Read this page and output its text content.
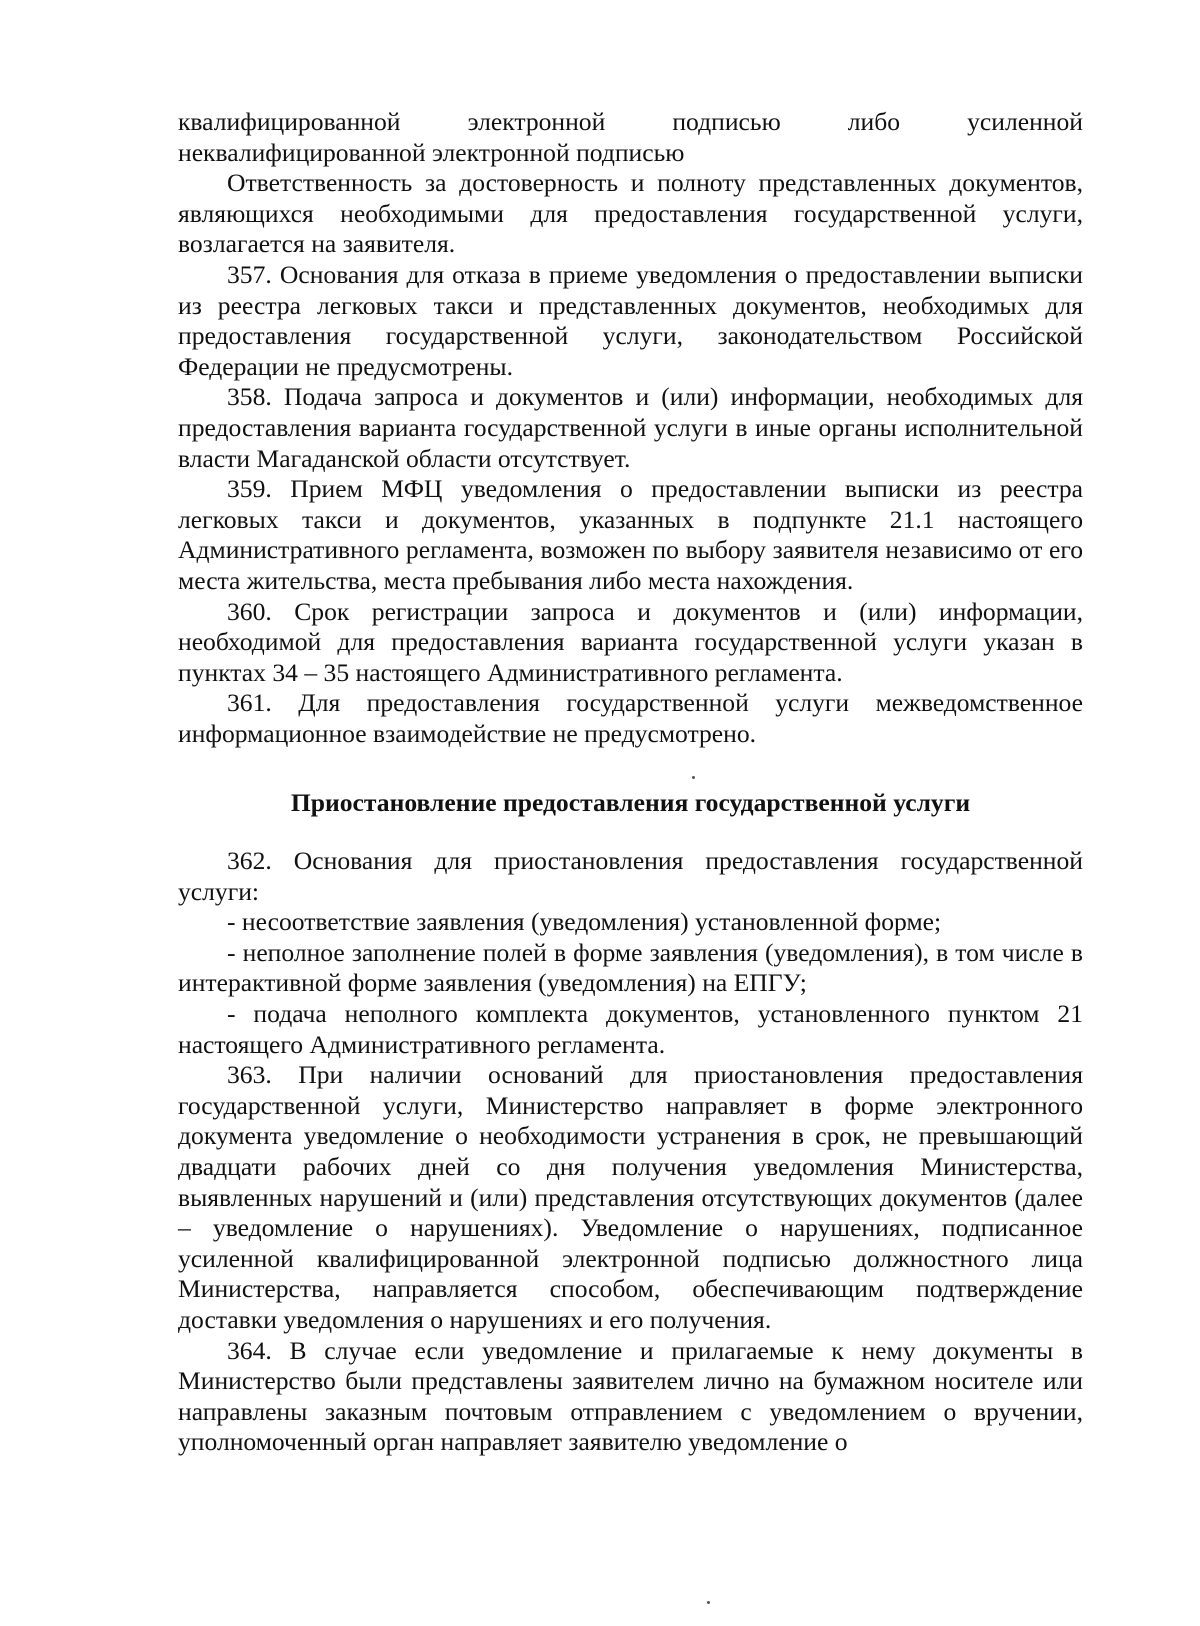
квалифицированной электронной подписью либо усиленной неквалифицированной электронной подписью

Ответственность за достоверность и полноту представленных документов, являющихся необходимыми для предоставления государственной услуги, возлагается на заявителя.

357. Основания для отказа в приеме уведомления о предоставлении выписки из реестра легковых такси и представленных документов, необходимых для предоставления государственной услуги, законодательством Российской Федерации не предусмотрены.

358. Подача запроса и документов и (или) информации, необходимых для предоставления варианта государственной услуги в иные органы исполнительной власти Магаданской области отсутствует.

359. Прием МФЦ уведомления о предоставлении выписки из реестра легковых такси и документов, указанных в подпункте 21.1 настоящего Административного регламента, возможен по выбору заявителя независимо от его места жительства, места пребывания либо места нахождения.

360. Срок регистрации запроса и документов и (или) информации, необходимой для предоставления варианта государственной услуги указан в пунктах 34 – 35 настоящего Административного регламента.

361. Для предоставления государственной услуги межведомственное информационное взаимодействие не предусмотрено.

Приостановление предоставления государственной услуги

362. Основания для приостановления предоставления государственной услуги:

- несоответствие заявления (уведомления) установленной форме;

- неполное заполнение полей в форме заявления (уведомления), в том числе в интерактивной форме заявления (уведомления) на ЕПГУ;

- подача неполного комплекта документов, установленного пунктом 21 настоящего Административного регламента.

363. При наличии оснований для приостановления предоставления государственной услуги, Министерство направляет в форме электронного документа уведомление о необходимости устранения в срок, не превышающий двадцати рабочих дней со дня получения уведомления Министерства, выявленных нарушений и (или) представления отсутствующих документов (далее – уведомление о нарушениях). Уведомление о нарушениях, подписанное усиленной квалифицированной электронной подписью должностного лица Министерства, направляется способом, обеспечивающим подтверждение доставки уведомления о нарушениях и его получения.

364. В случае если уведомление и прилагаемые к нему документы в Министерство были представлены заявителем лично на бумажном носителе или направлены заказным почтовым отправлением с уведомлением о вручении, уполномоченный орган направляет заявителю уведомление о
